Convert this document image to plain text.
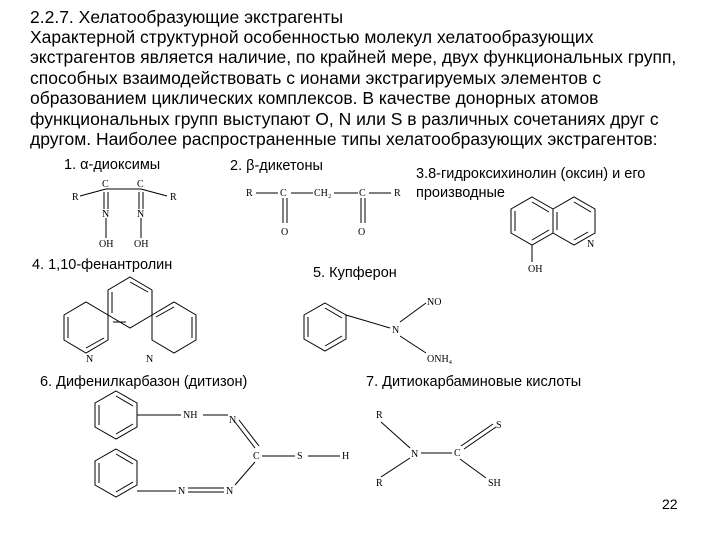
2.2.7. Хелатообразующие экстрагенты
Характерной структурной особенностью молекул хелатообразующих
экстрагентов является наличие, по крайней мере, двух функциональных групп,
способных взаимодействовать с ионами экстрагируемых элементов с
образованием циклических комплексов. В качестве донорных атомов
функциональных групп выступают O, N или S в различных сочетаниях друг с
другом. Наиболее распространенные типы хелатообразующих экстрагентов:
1. α-диоксимы	2. β-дикетоны	3.8-гидроксихинолин (оксин) и его
производные
4. 1,10-фенантролин	5. Купферон
6. Дифенилкарбазон (дитизон)	7. Дитиокарбаминовые кислоты
C	C
R	R
N	N
OH OH
R	C	CH₂	C	R
O	O
N
OH
N	N
N
NO
ONH₄
NH	N
C	S	H
N	N
R
R
N	C
S
SH
22
